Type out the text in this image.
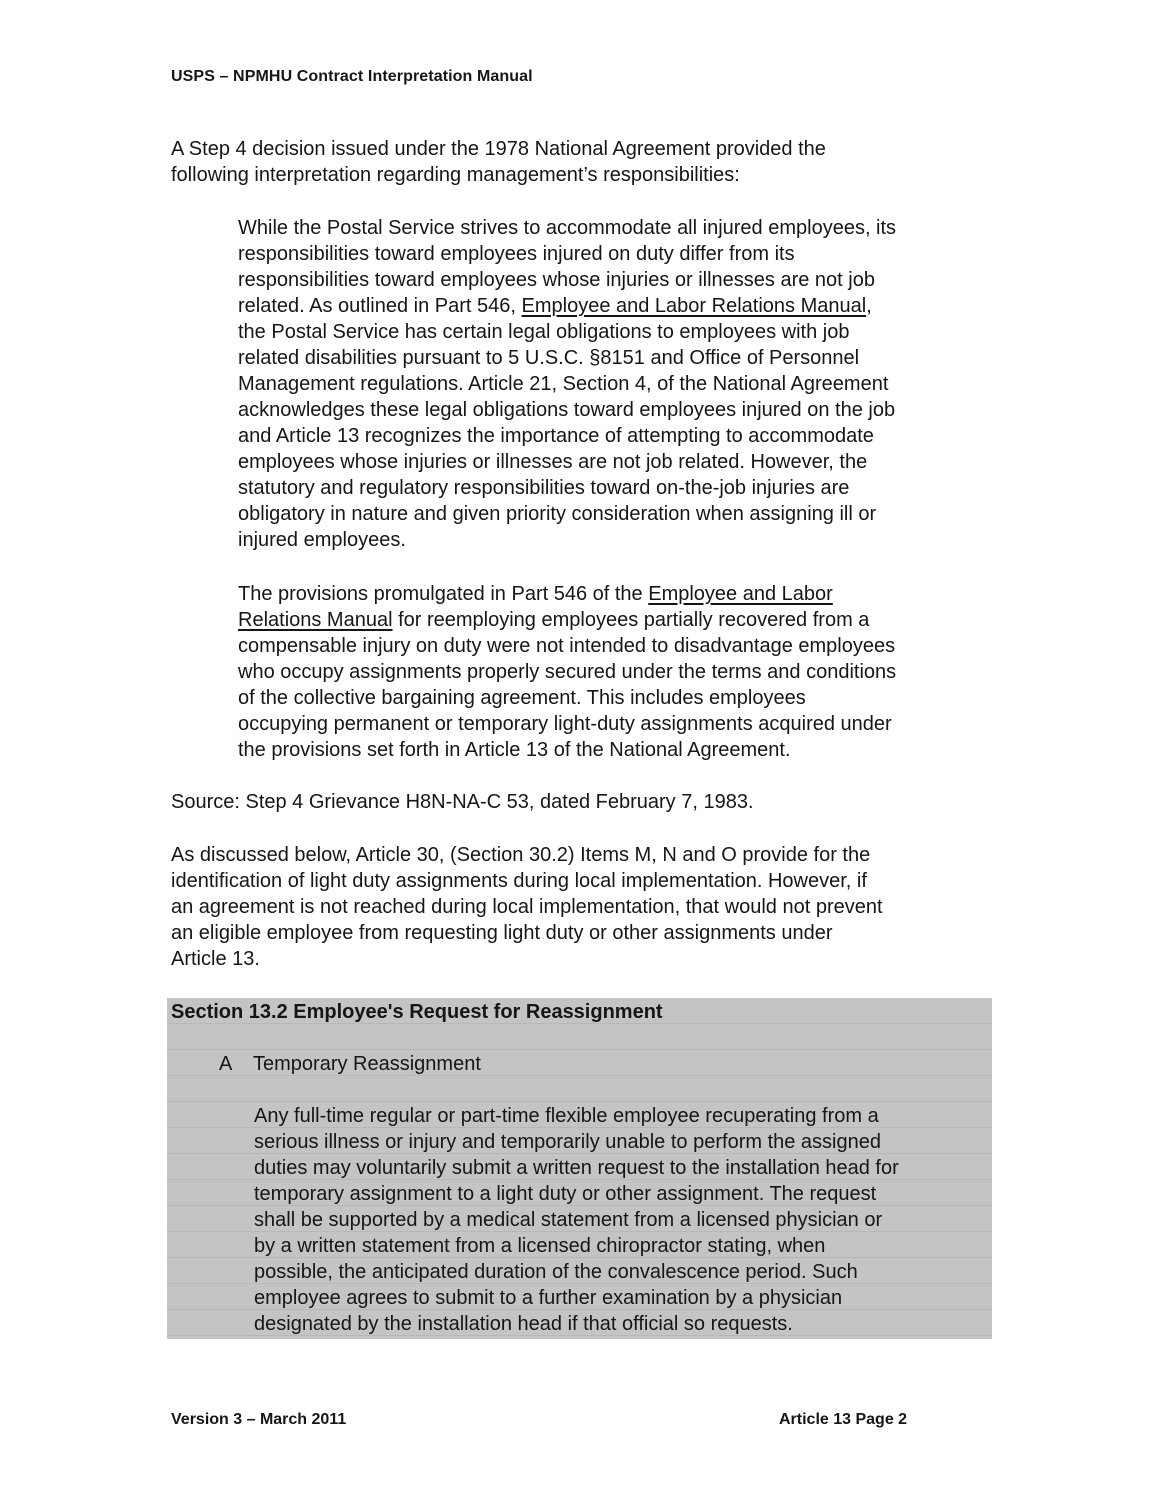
USPS – NPMHU Contract Interpretation Manual

A Step 4 decision issued under the 1978 National Agreement provided the
following interpretation regarding management’s responsibilities:

While the Postal Service strives to accommodate all injured employees, its
responsibilities toward employees injured on duty differ from its
responsibilities toward employees whose injuries or illnesses are not job
related. As outlined in Part 546, Employee and Labor Relations Manual,
the Postal Service has certain legal obligations to employees with job
related disabilities pursuant to 5 U.S.C. §8151 and Office of Personnel
Management regulations. Article 21, Section 4, of the National Agreement
acknowledges these legal obligations toward employees injured on the job
and Article 13 recognizes the importance of attempting to accommodate
employees whose injuries or illnesses are not job related. However, the
statutory and regulatory responsibilities toward on-the-job injuries are
obligatory in nature and given priority consideration when assigning ill or
injured employees.

The provisions promulgated in Part 546 of the Employee and Labor
Relations Manual for reemploying employees partially recovered from a
compensable injury on duty were not intended to disadvantage employees
who occupy assignments properly secured under the terms and conditions
of the collective bargaining agreement. This includes employees
occupying permanent or temporary light-duty assignments acquired under
the provisions set forth in Article 13 of the National Agreement.

Source: Step 4 Grievance H8N-NA-C 53, dated February 7, 1983.

As discussed below, Article 30, (Section 30.2) Items M, N and O provide for the
identification of light duty assignments during local implementation. However, if
an agreement is not reached during local implementation, that would not prevent
an eligible employee from requesting light duty or other assignments under
Article 13.

Section 13.2 Employee's Request for Reassignment
A Temporary Reassignment

Any full-time regular or part-time flexible employee recuperating from a
serious illness or injury and temporarily unable to perform the assigned
duties may voluntarily submit a written request to the installation head for
temporary assignment to a light duty or other assignment. The request
shall be supported by a medical statement from a licensed physician or
by a written statement from a licensed chiropractor stating, when
possible, the anticipated duration of the convalescence period. Such
employee agrees to submit to a further examination by a physician
designated by the installation head if that official so requests.

Version 3 – March 2011	Article 13 Page 2
